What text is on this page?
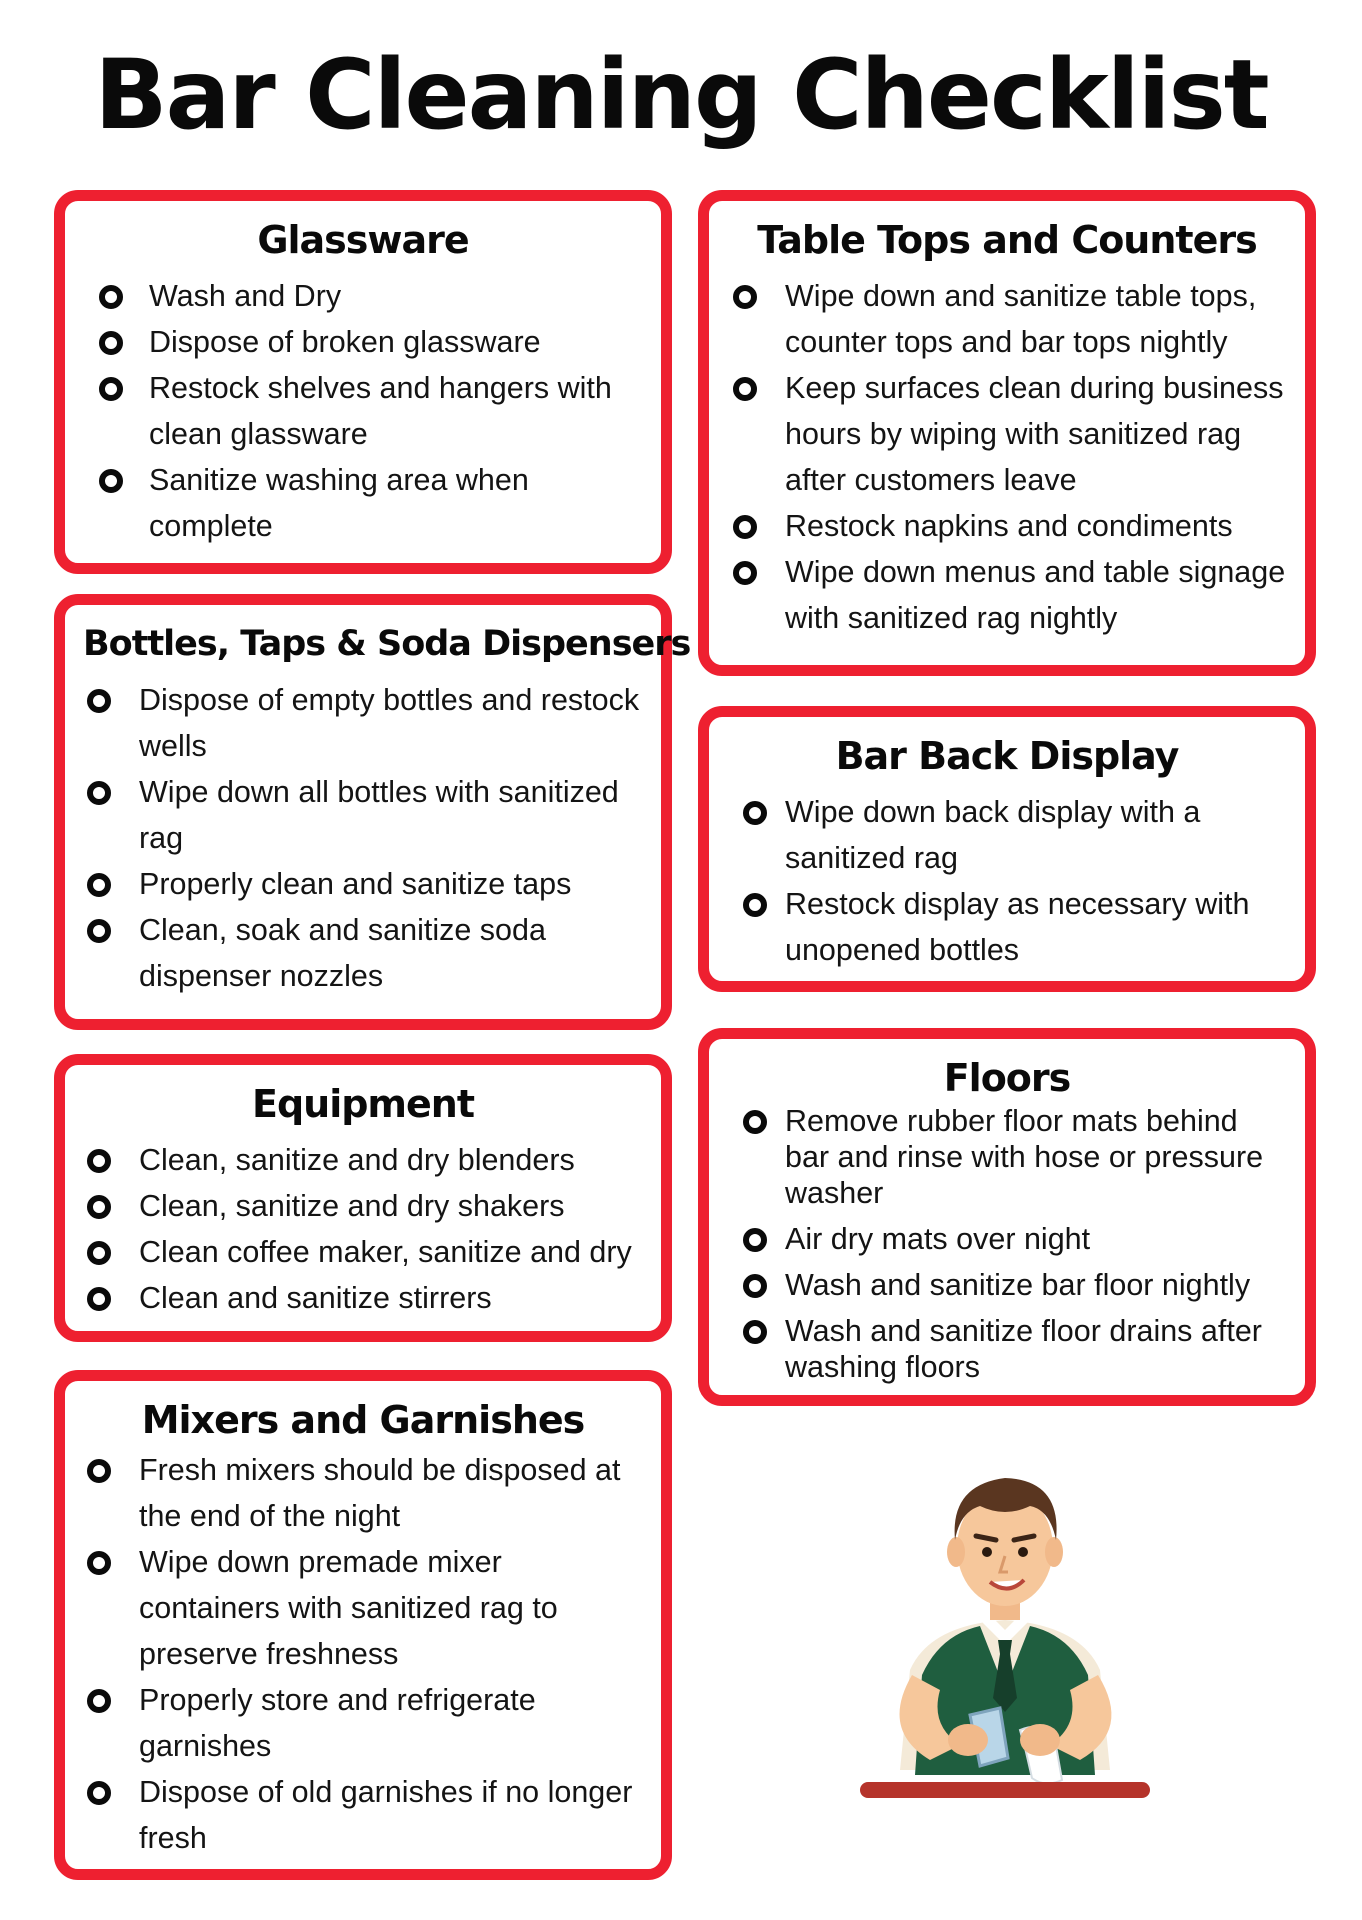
Bar Cleaning Checklist
Glassware
Wash and Dry
Dispose of broken glassware
Restock shelves and hangers with clean glassware
Sanitize washing area when complete
Table Tops and Counters
Wipe down and sanitize table tops, counter tops and bar tops nightly
Keep surfaces clean during business hours by wiping with sanitized rag after customers leave
Restock napkins and condiments
Wipe down menus and table signage with sanitized rag nightly
Bottles, Taps & Soda Dispensers
Dispose of empty bottles and restock wells
Wipe down all bottles with sanitized rag
Properly clean and sanitize taps
Clean, soak and sanitize soda dispenser nozzles
Bar Back Display
Wipe down back display with a sanitized rag
Restock display as necessary with unopened bottles
Equipment
Clean, sanitize and dry blenders
Clean, sanitize and dry shakers
Clean coffee maker, sanitize and dry
Clean and sanitize stirrers
Floors
Remove rubber floor mats behind bar and rinse with hose or pressure washer
Air dry mats over night
Wash and sanitize bar floor nightly
Wash and sanitize floor drains after washing floors
Mixers and Garnishes
Fresh mixers should be disposed at the end of the night
Wipe down premade mixer containers with sanitized rag to preserve freshness
Properly store and refrigerate garnishes
Dispose of old garnishes if no longer fresh
